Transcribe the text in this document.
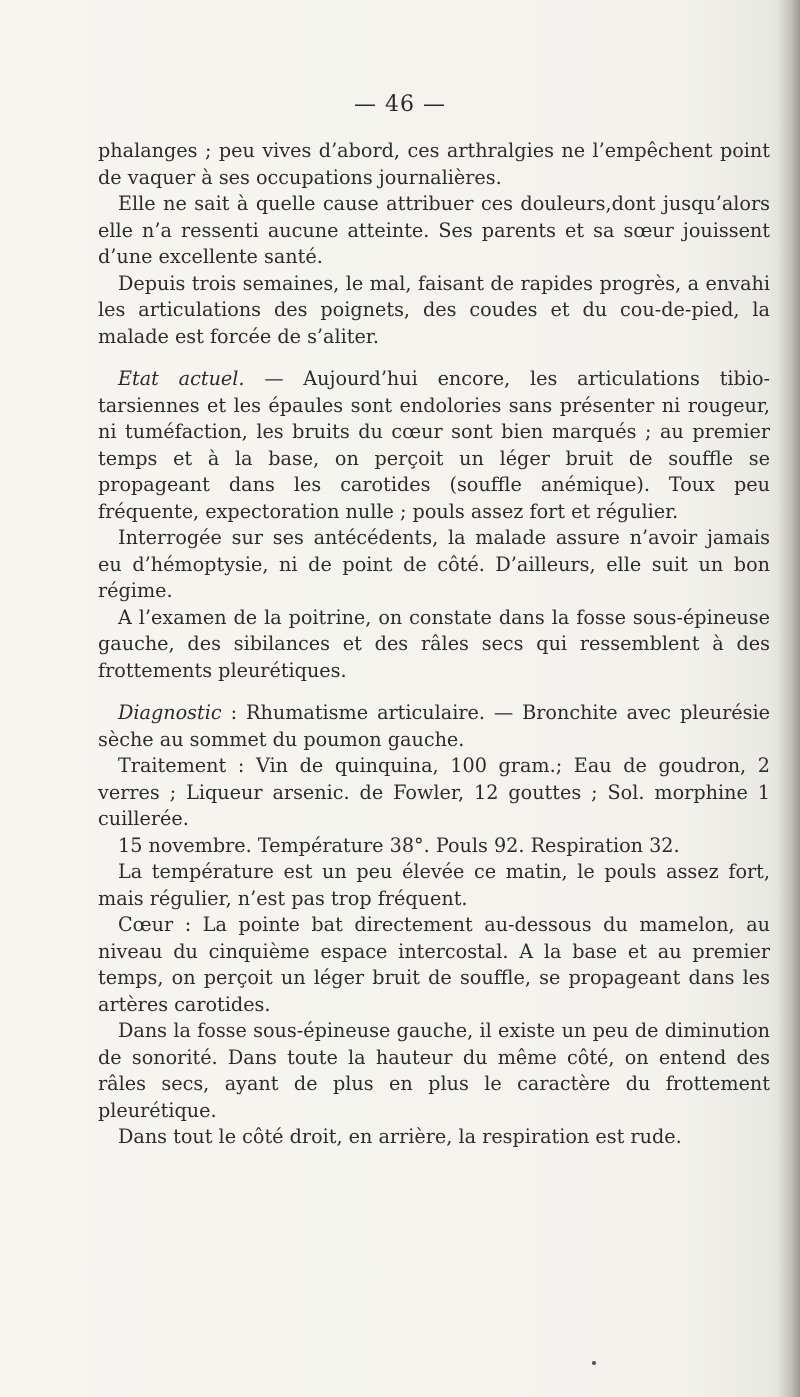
— 46 —

phalanges ; peu vives d’abord, ces arthralgies ne l’empêchent point de vaquer à ses occupations journalières.

Elle ne sait à quelle cause attribuer ces douleurs,dont jusqu’alors elle n’a ressenti aucune atteinte. Ses parents et sa sœur jouissent d’une excellente santé.

Depuis trois semaines, le mal, faisant de rapides progrès, a envahi les articulations des poignets, des coudes et du cou-de-pied, la malade est forcée de s’aliter.

Etat actuel. — Aujourd’hui encore, les articulations tibio-tarsiennes et les épaules sont endolories sans présenter ni rougeur, ni tuméfaction, les bruits du cœur sont bien marqués ; au premier temps et à la base, on perçoit un léger bruit de souffle se propageant dans les carotides (souffle anémique). Toux peu fréquente, expectoration nulle ; pouls assez fort et régulier.

Interrogée sur ses antécédents, la malade assure n’avoir jamais eu d’hémoptysie, ni de point de côté. D’ailleurs, elle suit un bon régime.

A l’examen de la poitrine, on constate dans la fosse sous-épineuse gauche, des sibilances et des râles secs qui ressemblent à des frottements pleurétiques.

Diagnostic : Rhumatisme articulaire. — Bronchite avec pleurésie sèche au sommet du poumon gauche.

Traitement : Vin de quinquina, 100 gram.; Eau de goudron, 2 verres ; Liqueur arsenic. de Fowler, 12 gouttes ; Sol. morphine 1 cuillerée.

15 novembre. Température 38°. Pouls 92. Respiration 32.

La température est un peu élevée ce matin, le pouls assez fort, mais régulier, n’est pas trop fréquent.

Cœur : La pointe bat directement au-dessous du mamelon, au niveau du cinquième espace intercostal. A la base et au premier temps, on perçoit un léger bruit de souffle, se propageant dans les artères carotides.

Dans la fosse sous-épineuse gauche, il existe un peu de diminution de sonorité. Dans toute la hauteur du même côté, on entend des râles secs, ayant de plus en plus le caractère du frottement pleurétique.

Dans tout le côté droit, en arrière, la respiration est rude.
